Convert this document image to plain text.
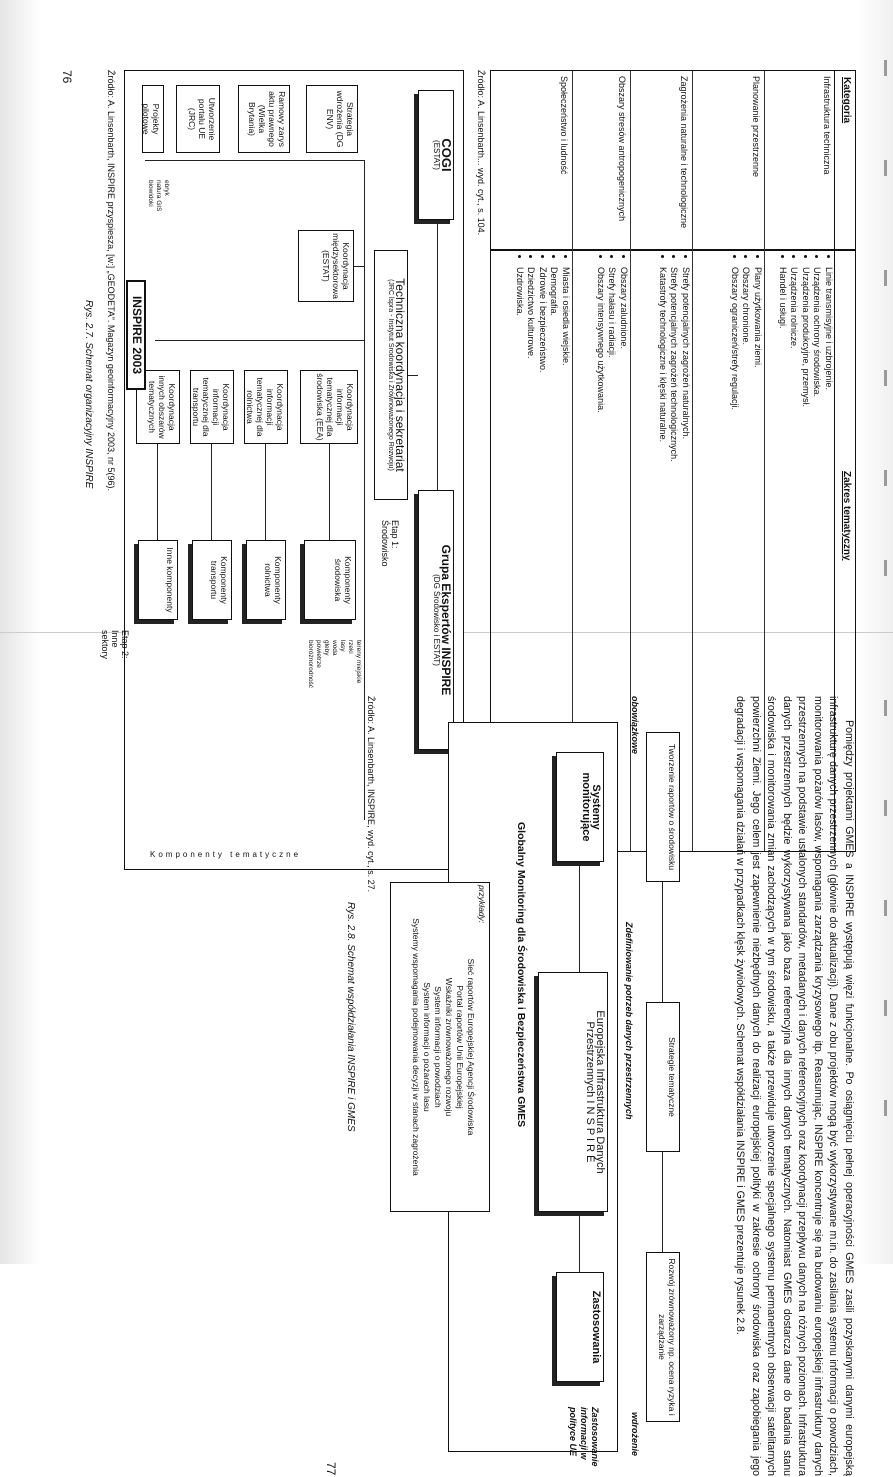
Kategoria
Zakres tematyczny
Infrastruktura techniczna
• Linie transmisyjne i uzbrojenie.
• Urządzenia ochrony środowiska.
• Urządzenia produkcyjne, przemysł.
• Urządzenia rolnicze.
• Handel i usługi.
Planowanie przestrzenne
• Plany użytkowania ziemi.
• Obszary chronione.
• Obszary ograniczeń/strefy regulacji.
Zagrożenia naturalne i technologiczne
• Strefy potencjalnych zagrożeń naturalnych.
• Strefy potencjalnych zagrożeń technologicznych.
• Katastrofy technologiczne i klęski naturalne.
Obszary stresów antropogenicznych
• Obszary zaludnione.
• Strefy hałasu i radiacji.
• Obszary intensywnego użytkowania.
Społeczeństwo i ludność
• Miasta i osiedla wiejskie.
• Demografia.
• Zdrowie i bezpieczeństwo.
• Dziedzictwo kulturowe.
• Uzdrowiska.
Źródło: A. Linsenbarth... wyd. cyt., s. 104.
COGI
(ESTAT)
Grupa Ekspertów INSPIRE
(DG Środowisko i ESTAT)
Techniczna koordynacja i sekretariat
(JRC lspra - Instytut Środowiska i Zrównoważonego Rozwoju)
Etap 1: Środowisko
Strategia wdrożenia (DG ENV)
Ramowy zarys aktu prawnego (Wielka Brytania)
Utworzenie portalu UE (JRC)
Projekty pilotowe
Koordynacja międzysektorowa (ESTAT)
Koordynacja informacji tematycznej dla środowiska (EEA)
Koordynacja informacji tematycznej dla rolnictwa
Koordynacja informacji tematycznej dla transportu
Koordynacja innych obszarów tematycznych
Komponenty środowiska
Komponenty rolnictwa
Komponenty transportu
Inne komponenty
tereny miejskie
rzeki
lasy
woda
gleby
powietrze
bioróżnorodność
Etap 2: Inne sektory
Komponenty tematyczne
ebryk
natura GIS
biowidoki
INSPIRE 2003
Źródło: A. Linsenbarth, INSPIRE przyspiesza, [w:] „GEODETA”. Magazyn geoinformacyjny 2003, nr 5(96).
Rys. 2.7. Schemat organizacyjny INSPIRE
76

Pomiędzy projektami GMES a INSPIRE występują więzi funkcjonalne. Po osiągnięciu pełnej operacyjności GMES zasili pozyskanymi danymi europejską infrastrukturę danych przestrzennych (głównie do aktualizacji). Dane z obu projektów mogą być wykorzystywane m.in. do zasilania systemu informacji o powodziach, monitorowania pożarów lasów, wspomagania zarządzania kryzysowego itp. Reasumując, INSPIRE koncentruje się na budowaniu europejskiej infrastruktury danych przestrzennych na podstawie ustalonych standardów, metadanych i danych referencyjnych oraz koordynacji przepływu danych na różnych poziomach. Infrastruktura danych przestrzennych będzie wykorzystywana jako baza referencyjna dla innych danych tematycznych. Natomiast GMES dostarcza dane do badania stanu środowiska i monitorowania zmian zachodzących w tym środowisku, a także przewiduje utworzenie specjalnego systemu permanentnych obserwacji satelitarnych powierzchni Ziemi. Jego celem jest zapewnienie niezbędnych danych do realizacji europejskiej polityki w zakresie ochrony środowiska oraz zapobiegania jego degradacji i wspomagania działań w przypadkach klęsk żywiołowych. Schemat współdziałania INSPIRE i GMES prezentuje rysunek 2.8.

Tworzenie raportów o środowisku
Strategie tematyczne
Rozwój zrównoważony np. ocena ryzyka i zarządzanie
obowiązkowe
wdrożenie
Zdefiniowanie potrzeb danych przestrzennych
Systemy monitorujące
Europejska Infrastruktura Danych Przestrzennych I N S P I R E
Zastosowania
Globalny Monitoring dla Środowiska i Bezpieczeństwa GMES
Zastosowanie informacji w polityce UE
przykłady:
Sieć raportów Europejskiej Agencji Środowiska
Portal raportów Unii Europejskiej
Wskaźniki zrównoważonego rozwoju
System informacji o powodziach
System informacji o pożarach lasu
Systemy wspomagania podejmowania decyzji w stanach zagrożenia
Źródło: A. Linsenbarth, INSPIRE, wyd. cyt., s. 27.
Rys. 2.8. Schemat współdziałania INSPIRE i GMES
77
